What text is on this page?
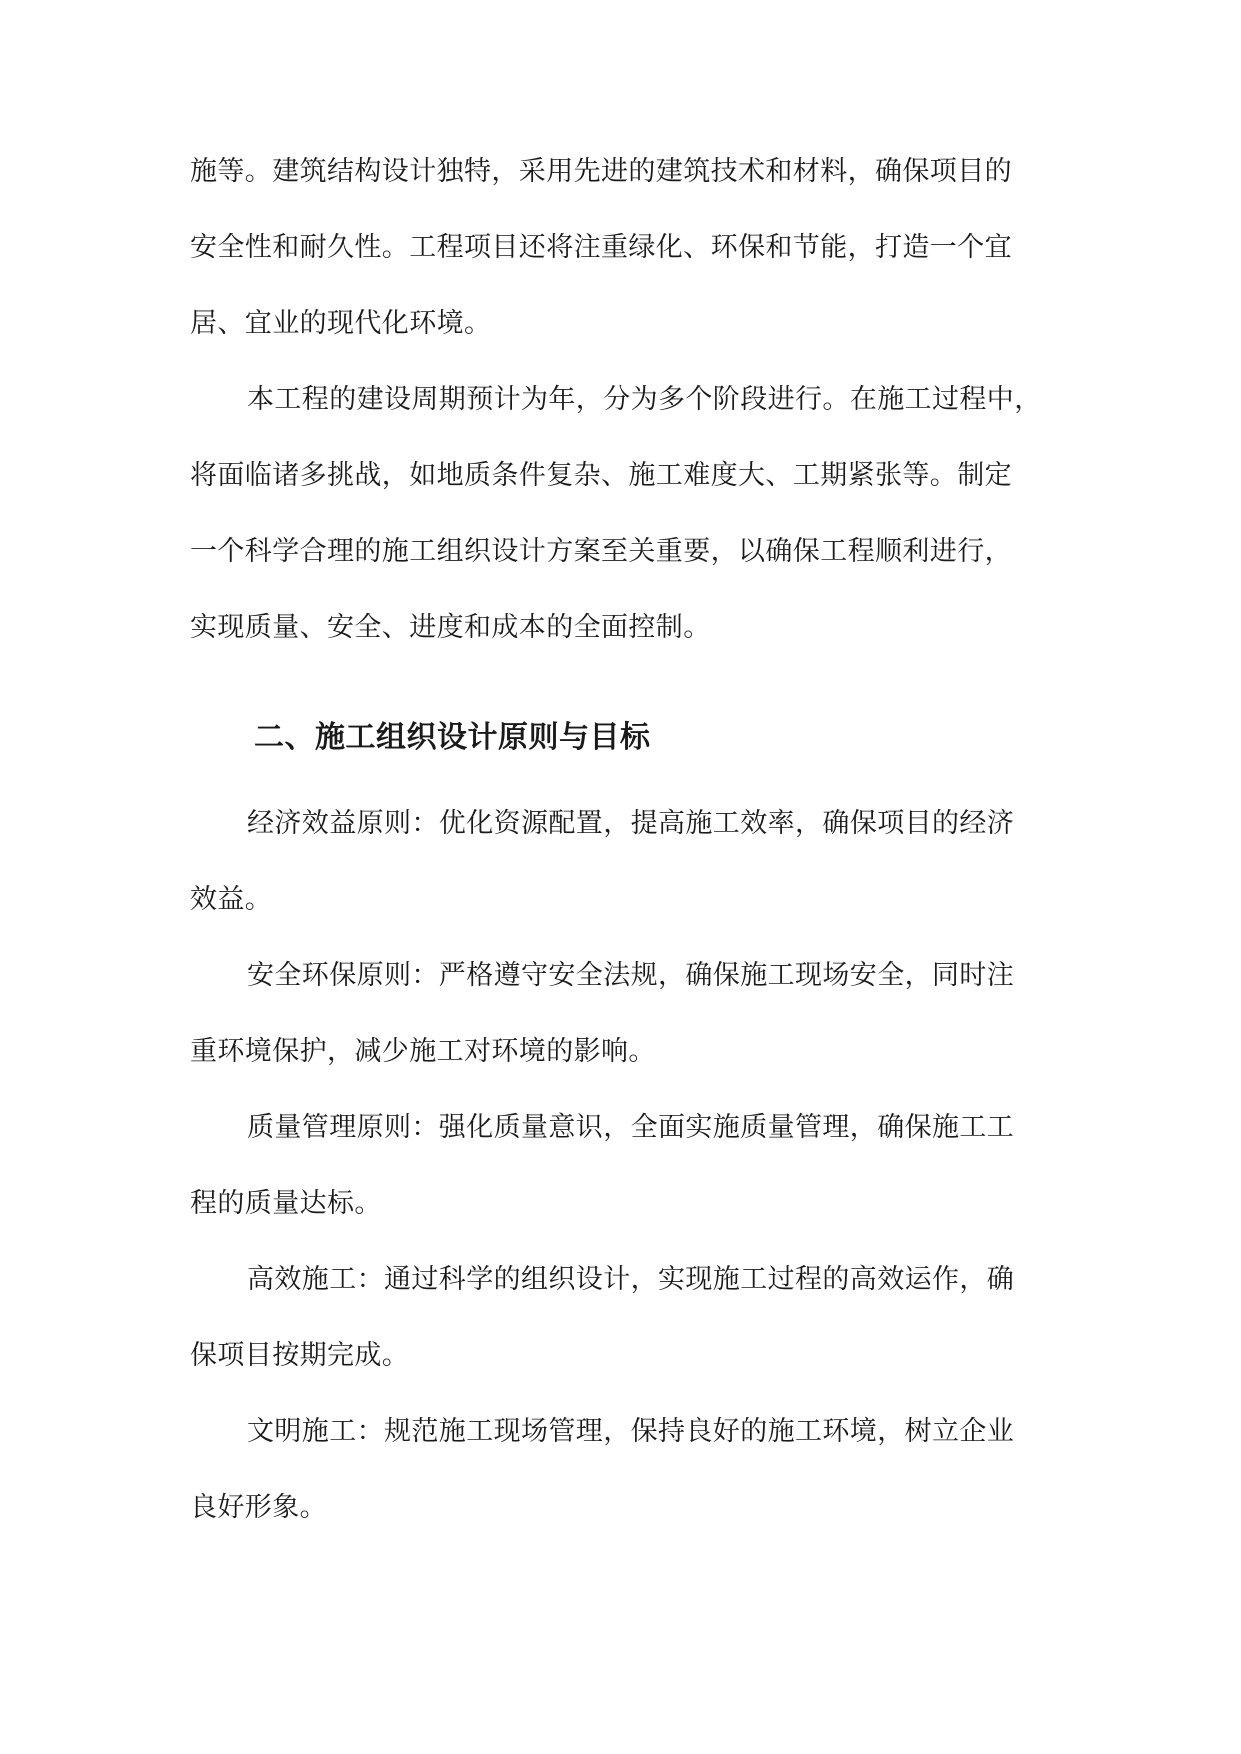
施等。建筑结构设计独特，采用先进的建筑技术和材料，确保项目的
安全性和耐久性。工程项目还将注重绿化、环保和节能，打造一个宜
居、宜业的现代化环境。
本工程的建设周期预计为年，分为多个阶段进行。在施工过程中，
将面临诸多挑战，如地质条件复杂、施工难度大、工期紧张等。制定
一个科学合理的施工组织设计方案至关重要，以确保工程顺利进行，
实现质量、安全、进度和成本的全面控制。
二、施工组织设计原则与目标
经济效益原则：优化资源配置，提高施工效率，确保项目的经济
效益。
安全环保原则：严格遵守安全法规，确保施工现场安全，同时注
重环境保护，减少施工对环境的影响。
质量管理原则：强化质量意识，全面实施质量管理，确保施工工
程的质量达标。
高效施工：通过科学的组织设计，实现施工过程的高效运作，确
保项目按期完成。
文明施工：规范施工现场管理，保持良好的施工环境，树立企业
良好形象。
